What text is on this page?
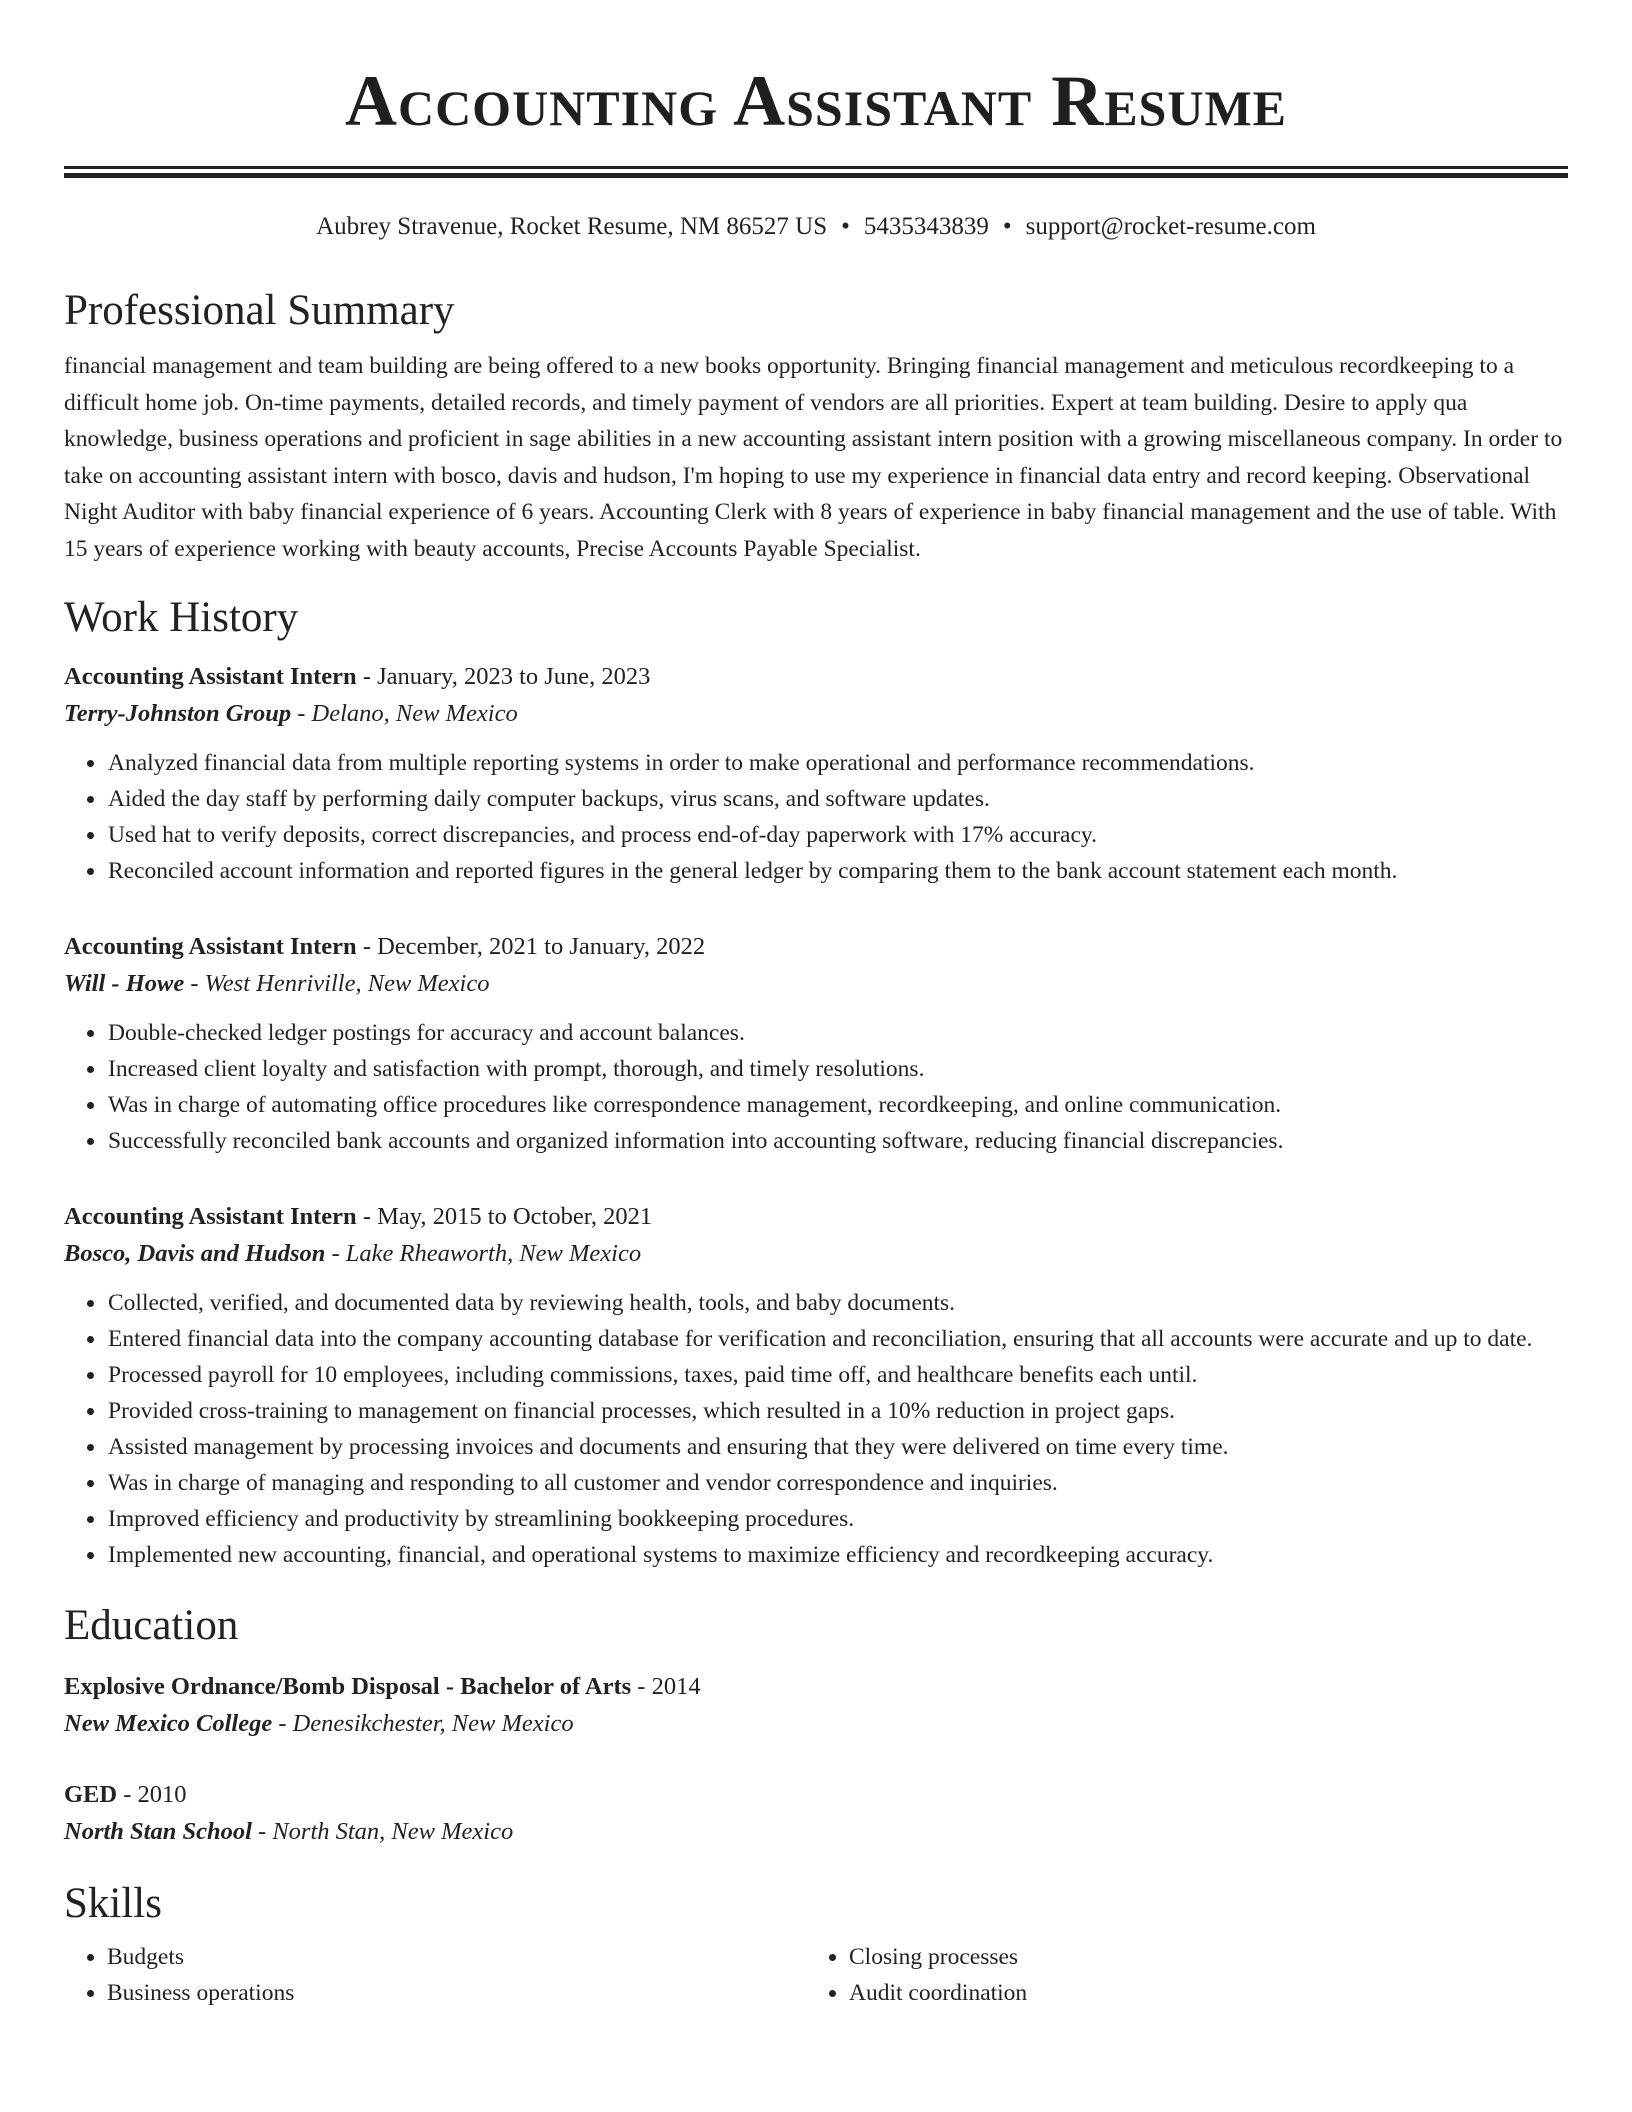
Accounting Assistant Resume
Aubrey Stravenue, Rocket Resume, NM 86527 US • 5435343839 • support@rocket-resume.com
Professional Summary

financial management and team building are being offered to a new books opportunity. Bringing financial management and meticulous recordkeeping to a difficult home job. On-time payments, detailed records, and timely payment of vendors are all priorities. Expert at team building. Desire to apply qua knowledge, business operations and proficient in sage abilities in a new accounting assistant intern position with a growing miscellaneous company. In order to take on accounting assistant intern with bosco, davis and hudson, I'm hoping to use my experience in financial data entry and record keeping. Observational Night Auditor with baby financial experience of 6 years. Accounting Clerk with 8 years of experience in baby financial management and the use of table. With 15 years of experience working with beauty accounts, Precise Accounts Payable Specialist.

Work History
Accounting Assistant Intern - January, 2023 to June, 2023
Terry-Johnston Group - Delano, New Mexico
• Analyzed financial data from multiple reporting systems in order to make operational and performance recommendations.
• Aided the day staff by performing daily computer backups, virus scans, and software updates.
• Used hat to verify deposits, correct discrepancies, and process end-of-day paperwork with 17% accuracy.
• Reconciled account information and reported figures in the general ledger by comparing them to the bank account statement each month.
Accounting Assistant Intern - December, 2021 to January, 2022
Will - Howe - West Henriville, New Mexico
• Double-checked ledger postings for accuracy and account balances.
• Increased client loyalty and satisfaction with prompt, thorough, and timely resolutions.
• Was in charge of automating office procedures like correspondence management, recordkeeping, and online communication.
• Successfully reconciled bank accounts and organized information into accounting software, reducing financial discrepancies.
Accounting Assistant Intern - May, 2015 to October, 2021
Bosco, Davis and Hudson - Lake Rheaworth, New Mexico
• Collected, verified, and documented data by reviewing health, tools, and baby documents.
• Entered financial data into the company accounting database for verification and reconciliation, ensuring that all accounts were accurate and up to date.
• Processed payroll for 10 employees, including commissions, taxes, paid time off, and healthcare benefits each until.
• Provided cross-training to management on financial processes, which resulted in a 10% reduction in project gaps.
• Assisted management by processing invoices and documents and ensuring that they were delivered on time every time.
• Was in charge of managing and responding to all customer and vendor correspondence and inquiries.
• Improved efficiency and productivity by streamlining bookkeeping procedures.
• Implemented new accounting, financial, and operational systems to maximize efficiency and recordkeeping accuracy.
Education
Explosive Ordnance/Bomb Disposal - Bachelor of Arts - 2014
New Mexico College - Denesikchester, New Mexico
GED - 2010
North Stan School - North Stan, New Mexico
Skills
• Budgets
• Business operations
• Closing processes
• Audit coordination
